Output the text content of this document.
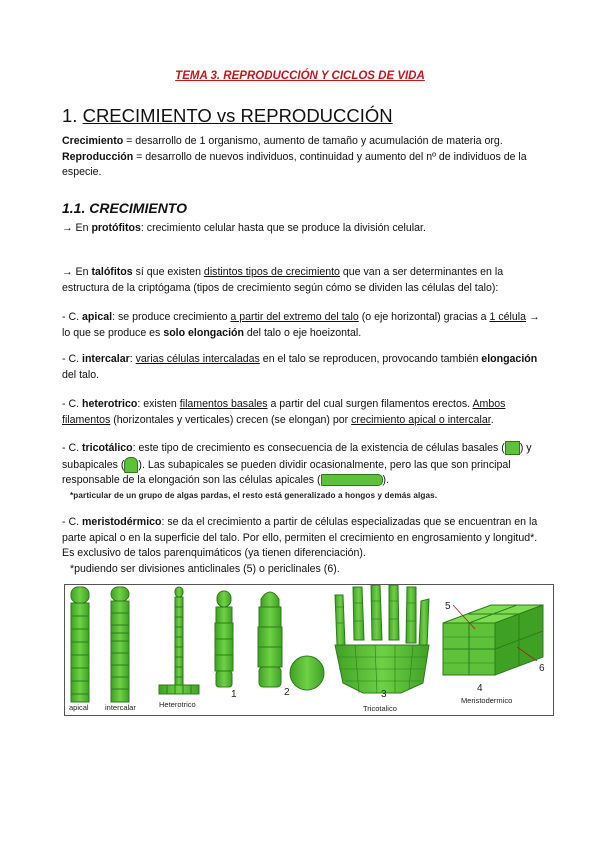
TEMA 3. REPRODUCCIÓN Y CICLOS DE VIDA
1. CRECIMIENTO vs REPRODUCCIÓN
Crecimiento = desarrollo de 1 organismo, aumento de tamaño y acumulación de materia org.
Reproducción = desarrollo de nuevos individuos, continuidad y aumento del nº de individuos de la especie.
1.1. CRECIMIENTO
→ En protófitos: crecimiento celular hasta que se produce la división celular.
→ En talófitos sí que existen distintos tipos de crecimiento que van a ser determinantes en la estructura de la criptógama (tipos de crecimiento según cómo se dividen las células del talo):
- C. apical: se produce crecimiento a partir del extremo del talo (o eje horizontal) gracias a 1 célula → lo que se produce es solo elongación del talo o eje hoeizontal.
- C. intercalar: varias células intercaladas en el talo se reproducen, provocando también elongación del talo.
- C. heterotrico: existen filamentos basales a partir del cual surgen filamentos erectos. Ambos filamentos (horizontales y verticales) crecen (se elongan) por crecimiento apical o intercalar.
- C. tricotálico: este tipo de crecimiento es consecuencia de la existencia de células basales ( ) y subapicales ( ). Las subapicales se pueden dividir ocasionalmente, pero las que son principal responsable de la elongación son las células apicales (	).
*particular de un grupo de algas pardas, el resto está generalizado a hongos y demás algas.
- C. meristodérmico: se da el crecimiento a partir de células especializadas que se encuentran en la parte apical o en la superficie del talo. Por ello, permiten el crecimiento en engrosamiento y longitud*. Es exclusivo de talos parenquimáticos (ya tienen diferenciación).
*pudiendo ser divisiones anticlinales (5) o periclinales (6).
apical intercalar	Heterotrico
1	2	3
Tricotalico
5
6
4
Meristodermico
